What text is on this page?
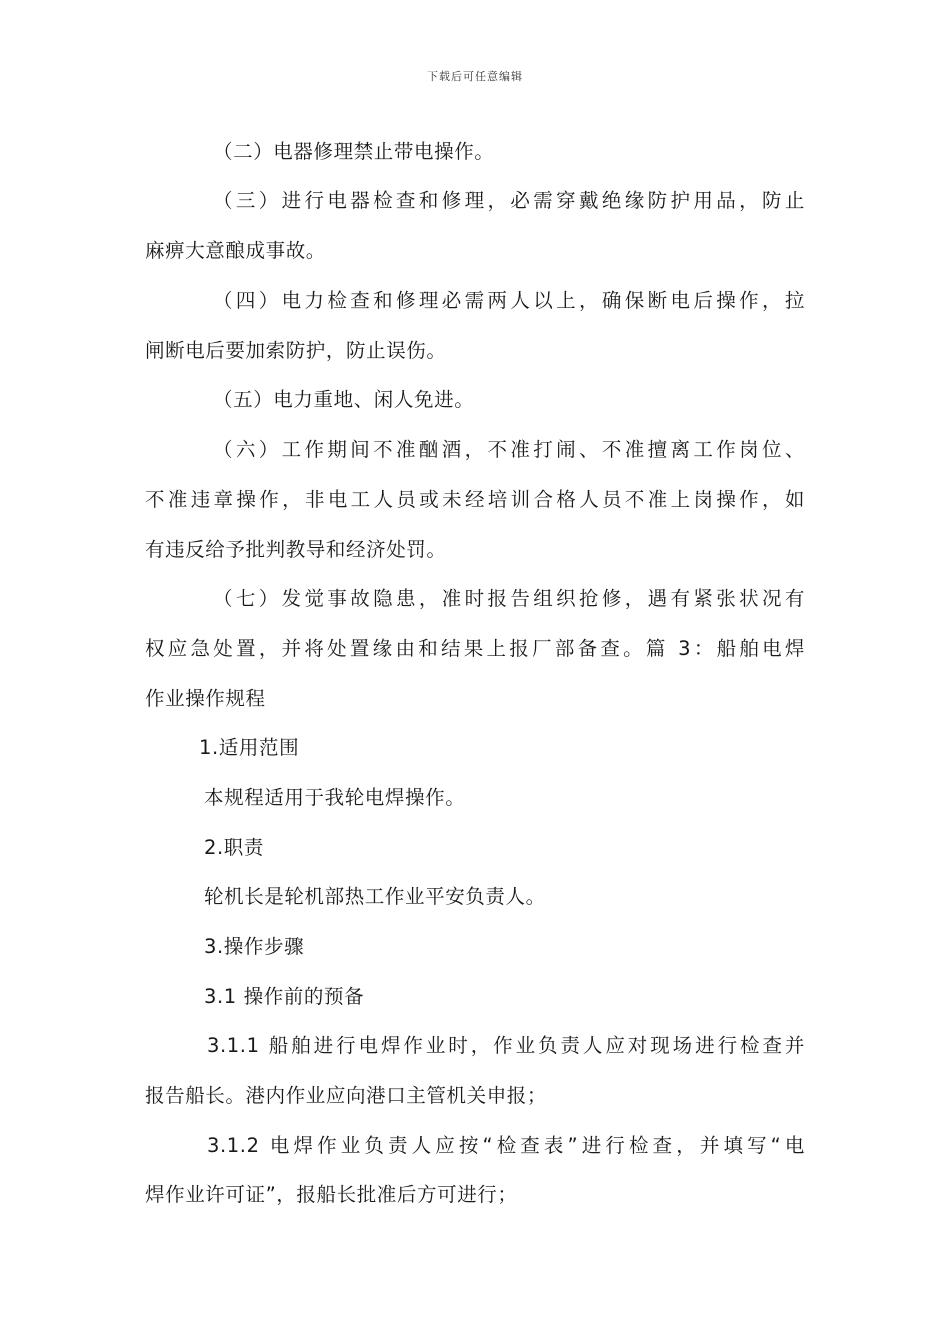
下载后可任意编辑
（二）电器修理禁止带电操作。
（三）进行电器检查和修理，必需穿戴绝缘防护用品，防止
麻痹大意酿成事故。
（四）电力检查和修理必需两人以上，确保断电后操作，拉
闸断电后要加索防护，防止误伤。
（五）电力重地、闲人免进。
（六）工作期间不准酗酒，不准打闹、不准擅离工作岗位、
不准违章操作，非电工人员或未经培训合格人员不准上岗操作，如
有违反给予批判教导和经济处罚。
（七）发觉事故隐患，准时报告组织抢修，遇有紧张状况有
权应急处置，并将处置缘由和结果上报厂部备查。篇 3：船舶电焊
作业操作规程
1.适用范围
本规程适用于我轮电焊操作。
2.职责
轮机长是轮机部热工作业平安负责人。
3.操作步骤
3.1 操作前的预备
3.1.1 船舶进行电焊作业时，作业负责人应对现场进行检查并
报告船长。港内作业应向港口主管机关申报；
3.1.2 电焊作业负责人应按“检查表”进行检查，并填写“电
焊作业许可证”，报船长批准后方可进行；
